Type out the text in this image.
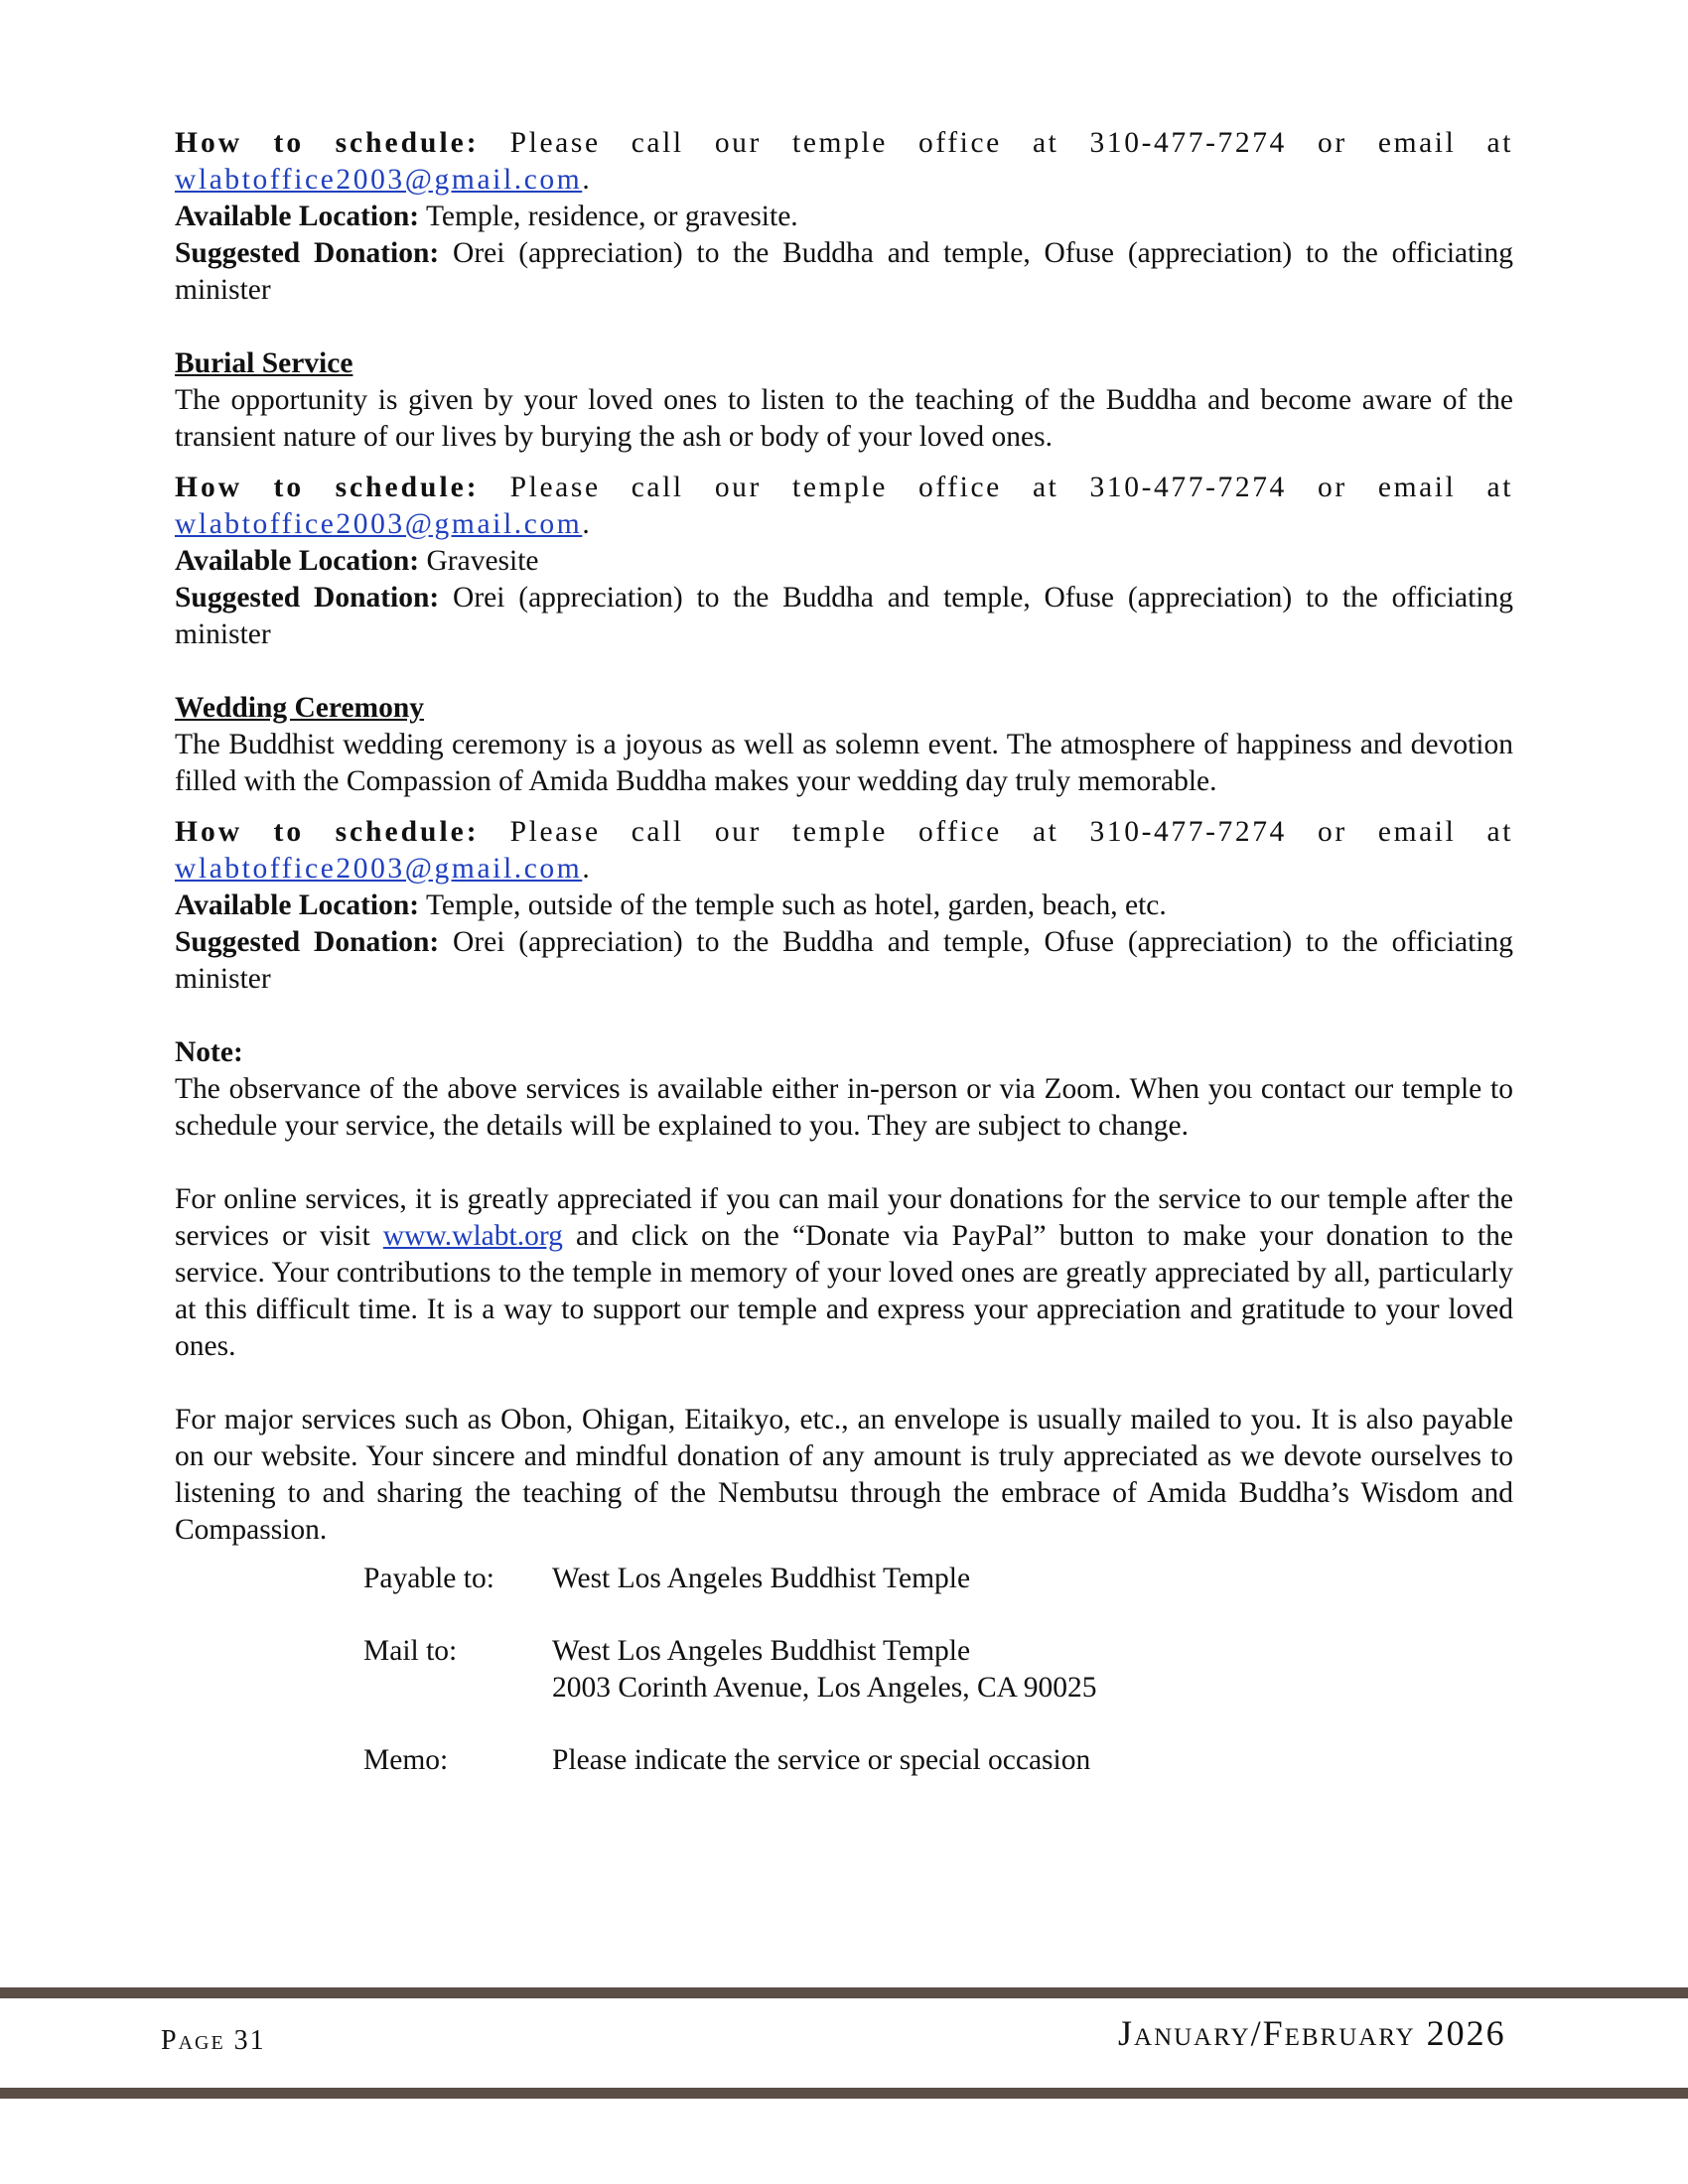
How to schedule: Please call our temple office at 310-477-7274 or email at wlabtoffice2003@gmail.com.

Available Location: Temple, residence, or gravesite.

Suggested Donation: Orei (appreciation) to the Buddha and temple, Ofuse (appreciation) to the officiating minister

Burial Service

The opportunity is given by your loved ones to listen to the teaching of the Buddha and become aware of the transient nature of our lives by burying the ash or body of your loved ones.

How to schedule: Please call our temple office at 310-477-7274 or email at wlabtoffice2003@gmail.com.

Available Location: Gravesite

Suggested Donation: Orei (appreciation) to the Buddha and temple, Ofuse (appreciation) to the officiating minister

Wedding Ceremony

The Buddhist wedding ceremony is a joyous as well as solemn event. The atmosphere of happiness and devotion filled with the Compassion of Amida Buddha makes your wedding day truly memorable.

How to schedule: Please call our temple office at 310-477-7274 or email at wlabtoffice2003@gmail.com.

Available Location: Temple, outside of the temple such as hotel, garden, beach, etc.

Suggested Donation: Orei (appreciation) to the Buddha and temple, Ofuse (appreciation) to the officiating minister

Note:

The observance of the above services is available either in-person or via Zoom. When you contact our temple to schedule your service, the details will be explained to you. They are subject to change.

For online services, it is greatly appreciated if you can mail your donations for the service to our temple after the services or visit www.wlabt.org and click on the “Donate via PayPal” button to make your donation to the service. Your contributions to the temple in memory of your loved ones are greatly appreciated by all, particularly at this difficult time. It is a way to support our temple and express your appreciation and gratitude to your loved ones.

For major services such as Obon, Ohigan, Eitaikyo, etc., an envelope is usually mailed to you. It is also payable on our website. Your sincere and mindful donation of any amount is truly appreciated as we devote ourselves to listening to and sharing the teaching of the Nembutsu through the embrace of Amida Buddha’s Wisdom and Compassion.

Payable to:	West Los Angeles Buddhist Temple
Mail to:	West Los Angeles Buddhist Temple
2003 Corinth Avenue, Los Angeles, CA 90025

Memo:	Please indicate the service or special occasion
Page 31	January/February 2026
